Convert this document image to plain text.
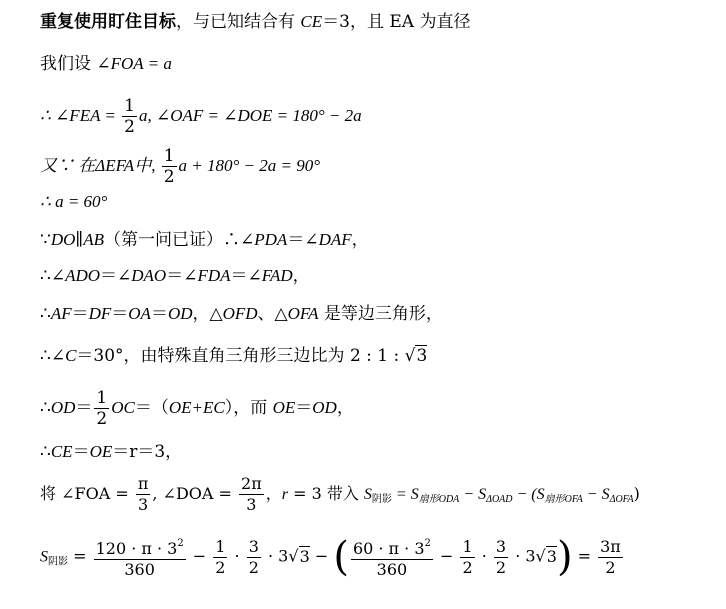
重复使用盯住目标，与已知结合有 CE＝3，且 EA 为直径
我们设 ∠FOA = a
∴ ∠FEA = $\frac{1}{2} a$, ∠OAF = ∠DOE = 180° − 2a
又∵ 在ΔEFA中, $\frac{1}{2}$ a + 180° − 2a = 90°
∴ a = 60°
∵DO∥AB（第一问已证）∴∠PDA＝∠DAF，
∴∠ADO＝∠DAO＝∠FDA＝∠FAD，
∴AF＝DF＝OA＝OD，△OFD、△OFA 是等边三角形，
∴∠C＝30°，由特殊直角三角形三边比为 2 : 1 : √3
∴OD＝ $\frac{1}{2} OC=(OE+EC)$，而 OE＝OD，
∴CE＝OE＝r＝3，
将 ∠FOA = $\frac{\pi}{3}$ , ∠DOA = $\frac{2\pi}{3}$ ，r = 3 带入 $S_{阴影} = S_{扇形ODA} - S_{\Delta OAD} - (S_{扇形OFA} - S_{\Delta OFA})$
$S_{阴影} = \frac{120 \cdot \pi \cdot 3^2}{360} - \frac{1}{2} \cdot \frac{3}{2} \cdot 3√3$ − ( $\frac{60 \cdot \pi \cdot 3^2}{360} - \frac{1}{2} \cdot \frac{3}{2} \cdot 3√3) = \frac{3\pi}{2}$
